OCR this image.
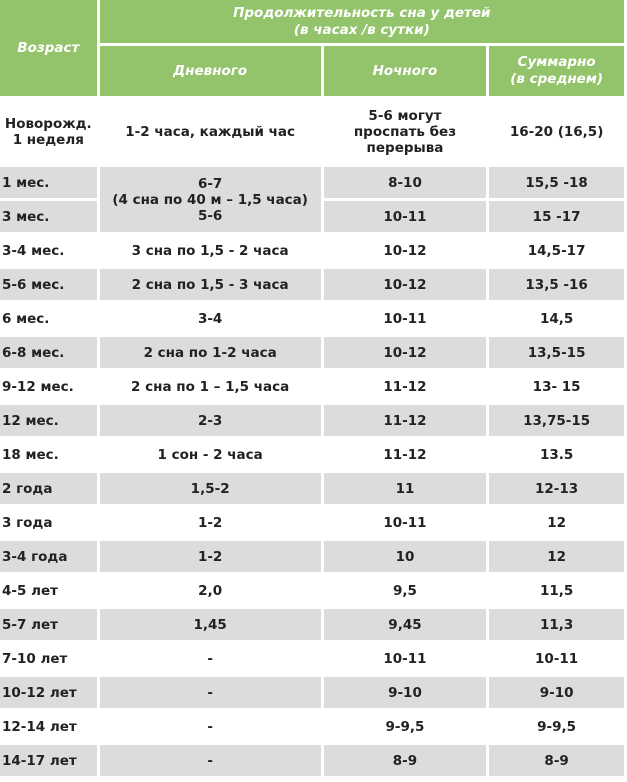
Возраст	Продолжительность сна у детей
(в часах /в сутки)		

	Дневного	Ночного	Суммарно
(в среднем)

Новорожд.
1 неделя	1-2 часа, каждый час	5-6 могут
проспать без
перерыва	16-20 (16,5)
1 мес.	6-7
(4 сна по 40 м – 1,5 часа)
5-6	8-10	15,5 -18
3 мес.		10-11	15 -17
3-4 мес.	3 сна по 1,5 - 2 часа	10-12	14,5-17
5-6 мес.	2 сна по 1,5 - 3 часа	10-12	13,5 -16
6 мес.	3-4	10-11	14,5
6-8 мес.	2 сна по 1-2 часа	10-12	13,5-15
9-12 мес.	2 сна по 1 – 1,5 часа	11-12	13- 15
12 мес.	2-3	11-12	13,75-15
18 мес.	1 сон - 2 часа	11-12	13.5
2 года	1,5-2	11	12-13
3 года	1-2	10-11	12
3-4 года	1-2	10	12
4-5 лет	2,0	9,5	11,5
5-7 лет	1,45	9,45	11,3
7-10 лет	-	10-11	10-11
10-12 лет	-	9-10	9-10
12-14 лет	-	9-9,5	9-9,5
14-17 лет	-	8-9	8-9
